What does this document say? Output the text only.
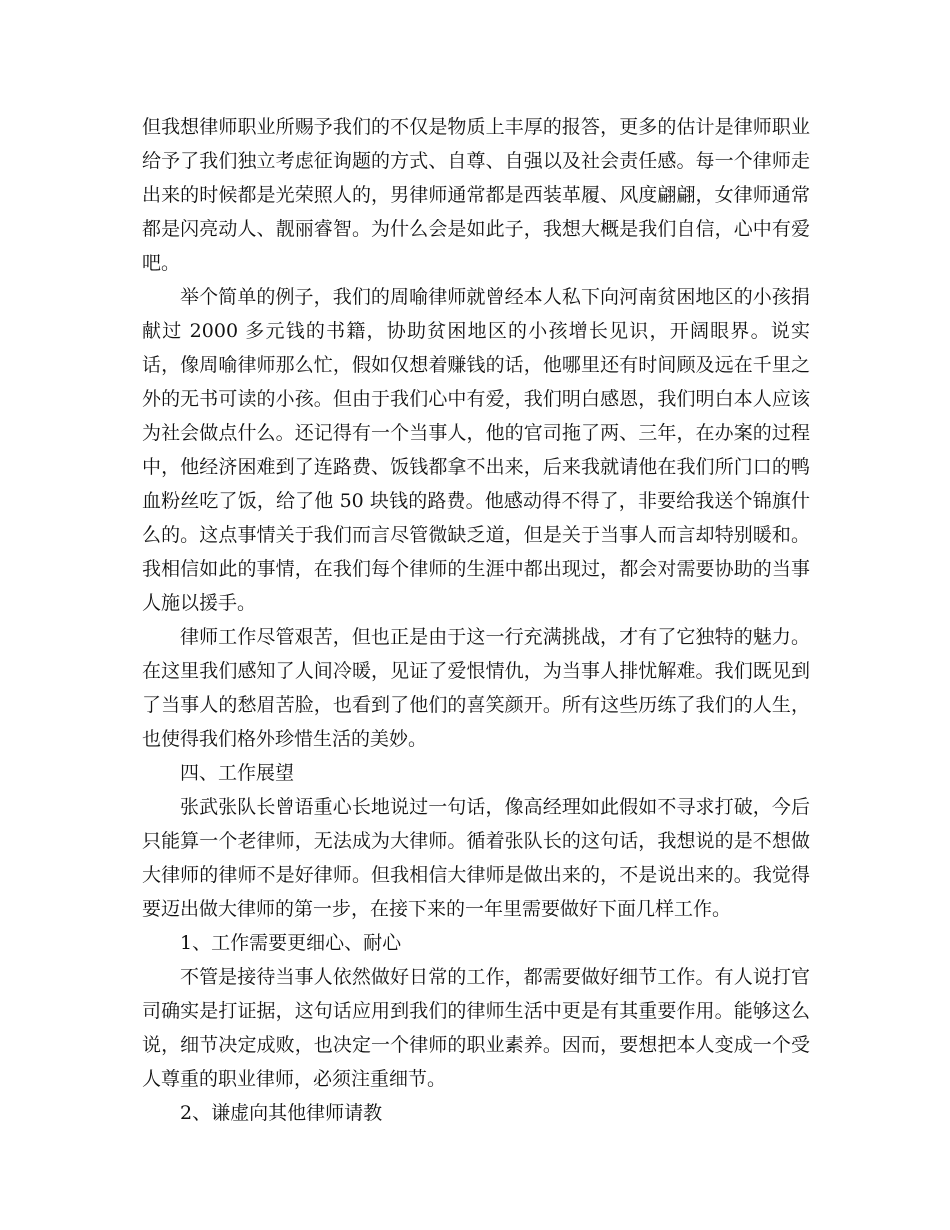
但我想律师职业所赐予我们的不仅是物质上丰厚的报答，更多的估计是律师职业给予了我们独立考虑征询题的方式、自尊、自强以及社会责任感。每一个律师走出来的时候都是光荣照人的，男律师通常都是西装革履、风度翩翩，女律师通常都是闪亮动人、靓丽睿智。为什么会是如此子，我想大概是我们自信，心中有爱吧。

举个简单的例子，我们的周喻律师就曾经本人私下向河南贫困地区的小孩捐献过 2000 多元钱的书籍，协助贫困地区的小孩增长见识，开阔眼界。说实话，像周喻律师那么忙，假如仅想着赚钱的话，他哪里还有时间顾及远在千里之外的无书可读的小孩。但由于我们心中有爱，我们明白感恩，我们明白本人应该为社会做点什么。还记得有一个当事人，他的官司拖了两、三年，在办案的过程中，他经济困难到了连路费、饭钱都拿不出来，后来我就请他在我们所门口的鸭血粉丝吃了饭，给了他 50 块钱的路费。他感动得不得了，非要给我送个锦旗什么的。这点事情关于我们而言尽管微缺乏道，但是关于当事人而言却特别暖和。我相信如此的事情，在我们每个律师的生涯中都出现过，都会对需要协助的当事人施以援手。

律师工作尽管艰苦，但也正是由于这一行充满挑战，才有了它独特的魅力。在这里我们感知了人间冷暖，见证了爱恨情仇，为当事人排忧解难。我们既见到了当事人的愁眉苦脸，也看到了他们的喜笑颜开。所有这些历练了我们的人生，也使得我们格外珍惜生活的美妙。

四、工作展望

张武张队长曾语重心长地说过一句话，像高经理如此假如不寻求打破，今后只能算一个老律师，无法成为大律师。循着张队长的这句话，我想说的是不想做大律师的律师不是好律师。但我相信大律师是做出来的，不是说出来的。我觉得要迈出做大律师的第一步，在接下来的一年里需要做好下面几样工作。

1、工作需要更细心、耐心

不管是接待当事人依然做好日常的工作，都需要做好细节工作。有人说打官司确实是打证据，这句话应用到我们的律师生活中更是有其重要作用。能够这么说，细节决定成败，也决定一个律师的职业素养。因而，要想把本人变成一个受人尊重的职业律师，必须注重细节。

2、谦虚向其他律师请教
